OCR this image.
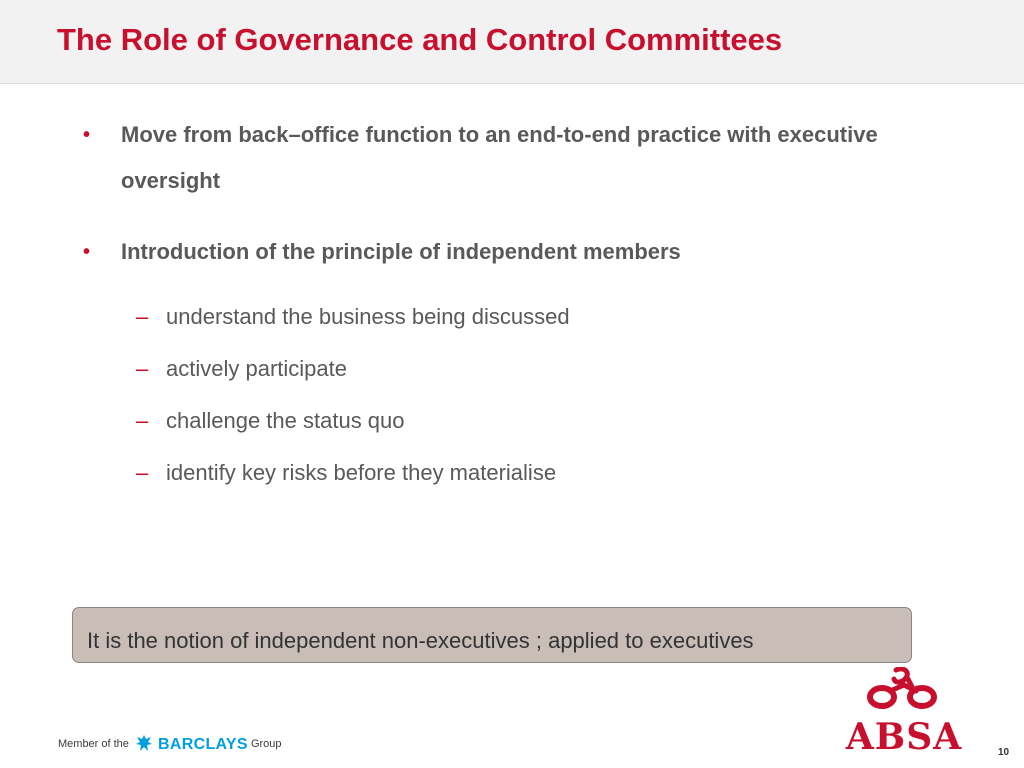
The Role of Governance and Control Committees
• Move from back–office function to an end-to-end practice with executive oversight
• Introduction of the principle of independent members
– understand the business being discussed
– actively participate
– challenge the status quo
– identify key risks before they materialise
It is the notion of independent non-executives ; applied to executives
Member of the BARCLAYS Group	ABSA	10
